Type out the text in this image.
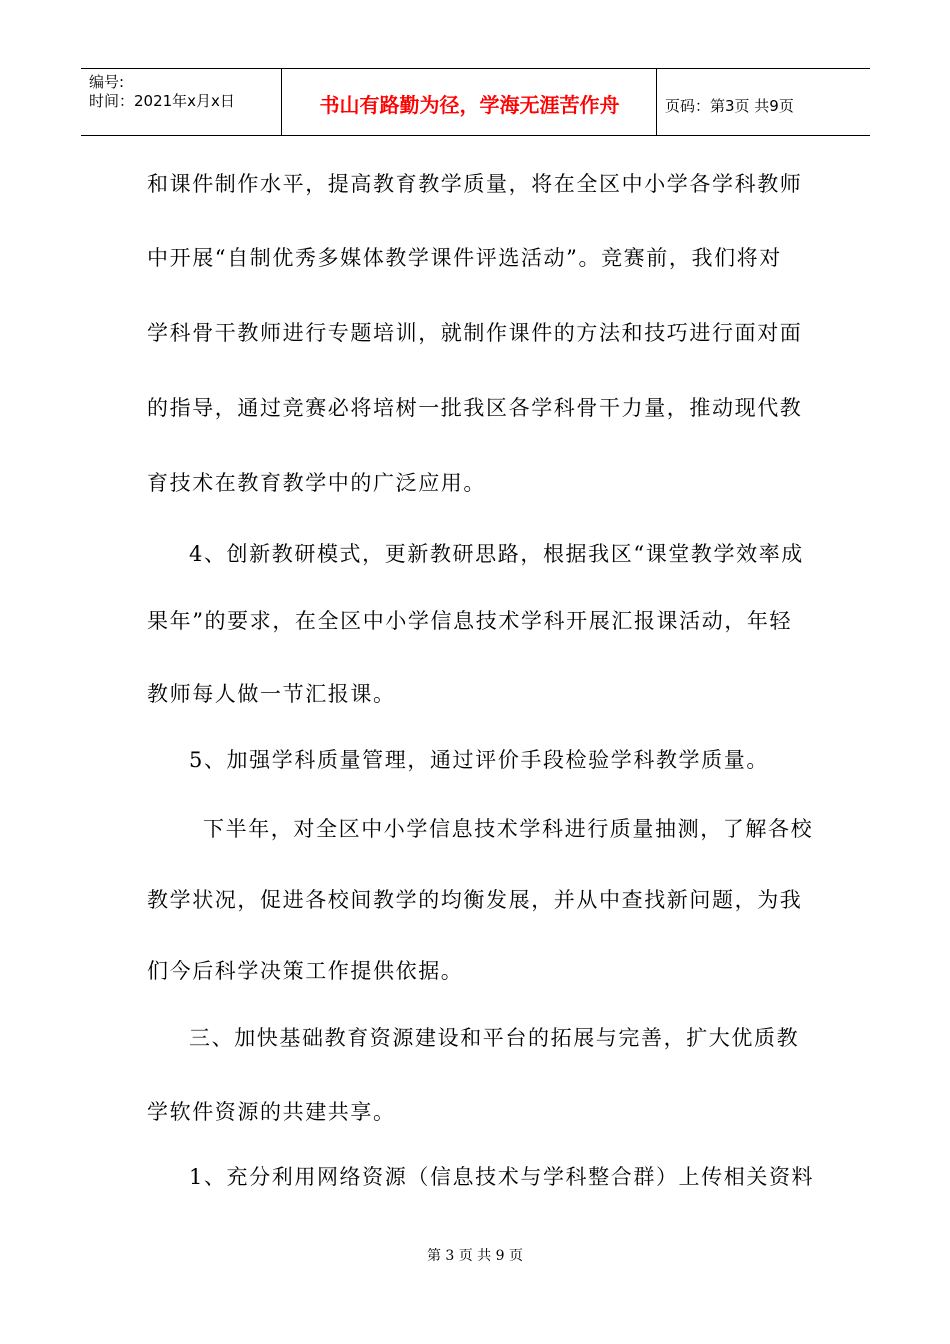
编号:
时间：2021年x月x日	书山有路勤为径，学海无涯苦作舟	页码：第3页 共9页
和课件制作水平，提高教育教学质量，将在全区中小学各学科教师
中开展“自制优秀多媒体教学课件评选活动”。竞赛前，我们将对
学科骨干教师进行专题培训，就制作课件的方法和技巧进行面对面
的指导，通过竞赛必将培树一批我区各学科骨干力量，推动现代教
育技术在教育教学中的广泛应用。
4、创新教研模式，更新教研思路，根据我区“课堂教学效率成
果年”的要求，在全区中小学信息技术学科开展汇报课活动，年轻
教师每人做一节汇报课。
5、加强学科质量管理，通过评价手段检验学科教学质量。
下半年，对全区中小学信息技术学科进行质量抽测，了解各校
教学状况，促进各校间教学的均衡发展，并从中查找新问题，为我
们今后科学决策工作提供依据。
三、加快基础教育资源建设和平台的拓展与完善，扩大优质教
学软件资源的共建共享。
1、充分利用网络资源（信息技术与学科整合群）上传相关资料
第 3 页 共 9 页
